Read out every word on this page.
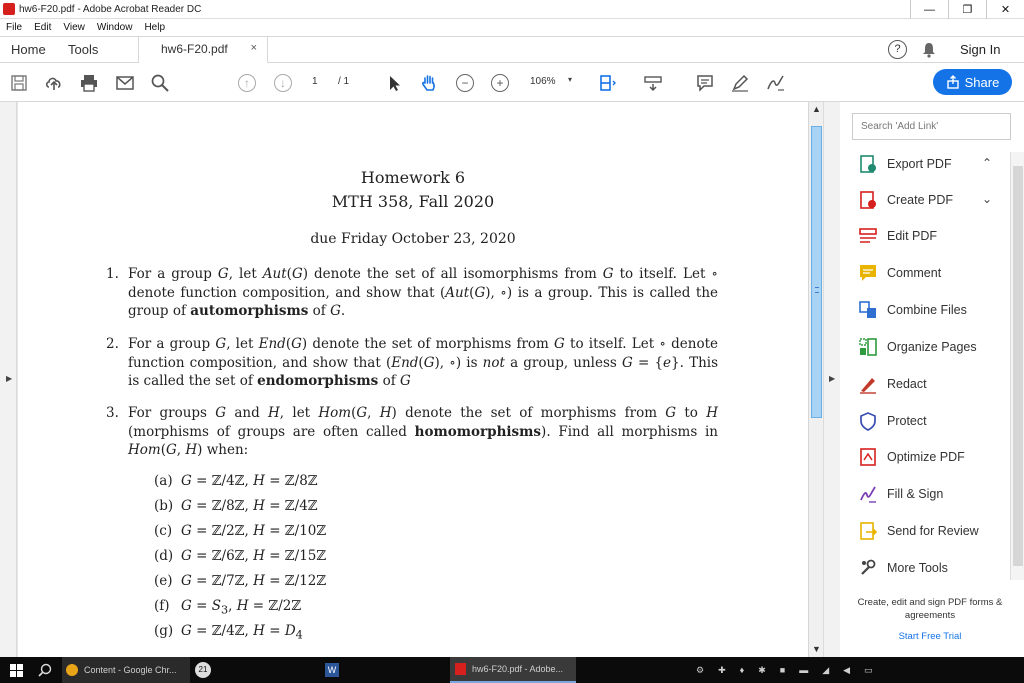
hw6-F20.pdf - Adobe Acrobat Reader DC	—	❐	✕
File Edit View Window Help
Home Tools	hw6-F20.pdf ×	?	Sign In
↑	↓	1 / 1	−	+	106% ▾	Share
▶
Homework 6
MTH 358, Fall 2020
due Friday October 23, 2020
1. For a group G, let Aut(G) denote the set of all isomorphisms from G to itself. Let ∘ denote function composition, and show that (Aut(G), ∘) is a group. This is called the group of automorphisms of G.
2. For a group G, let End(G) denote the set of morphisms from G to itself. Let ∘ denote function composition, and show that (End(G), ∘) is not a group, unless G = {e}. This is called the set of endomorphisms of G
3. For groups G and H, let Hom(G, H) denote the set of morphisms from G to H (morphisms of groups are often called homomorphisms). Find all morphisms in Hom(G, H) when:
(a) G = ℤ/4ℤ, H = ℤ/8ℤ
(b) G = ℤ/8ℤ, H = ℤ/4ℤ
(c) G = ℤ/2ℤ, H = ℤ/10ℤ
(d) G = ℤ/6ℤ, H = ℤ/15ℤ
(e) G = ℤ/7ℤ, H = ℤ/12ℤ
(f) $G = S_3$, H = ℤ/2ℤ
(g) G = ℤ/4ℤ, $H = D_4$
▲
▼
▶
Search 'Add Link'
Export PDF	⌃
Create PDF ⌄
Edit PDF
Comment
Combine Files
Organize Pages
Redact
Protect
Optimize PDF
Fill & Sign
Send for Review
More Tools
Create, edit and sign PDF forms & agreements
Start Free Trial
Content - Google Chr...	21	W	hw6-F20.pdf - Adobe...	⚙ ✚ ♦ ✱ ■ ▬ ◢ ◀ ▭
